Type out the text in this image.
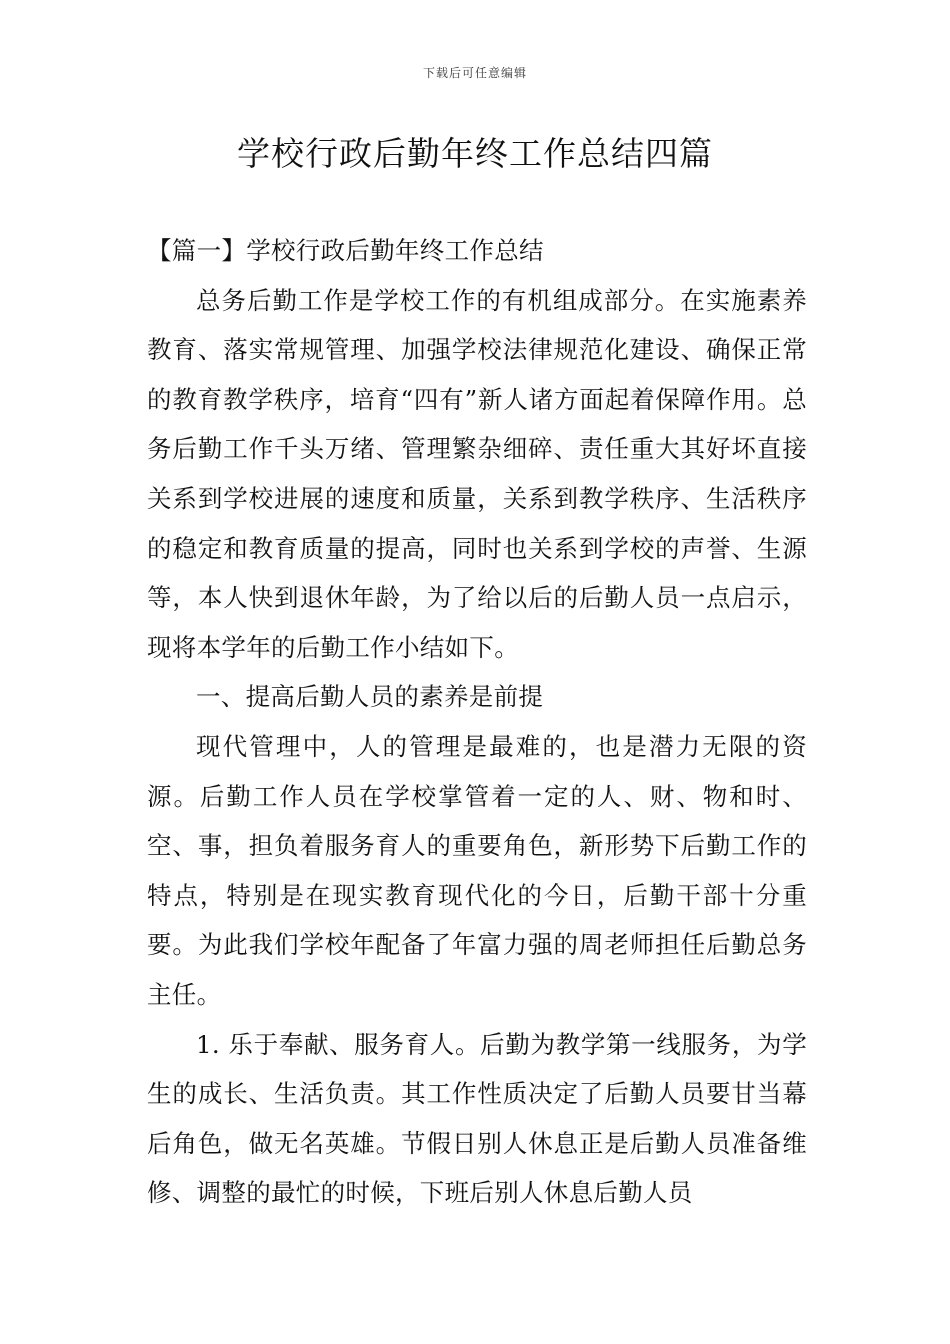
下载后可任意编辑
学校行政后勤年终工作总结四篇

【篇一】学校行政后勤年终工作总结

总务后勤工作是学校工作的有机组成部分。在实施素养教育、落实常规管理、加强学校法律规范化建设、确保正常的教育教学秩序，培育“四有”新人诸方面起着保障作用。总务后勤工作千头万绪、管理繁杂细碎、责任重大其好坏直接关系到学校进展的速度和质量，关系到教学秩序、生活秩序的稳定和教育质量的提高，同时也关系到学校的声誉、生源等，本人快到退休年龄，为了给以后的后勤人员一点启示，现将本学年的后勤工作小结如下。

一、提高后勤人员的素养是前提

现代管理中，人的管理是最难的，也是潜力无限的资源。后勤工作人员在学校掌管着一定的人、财、物和时、空、事，担负着服务育人的重要角色，新形势下后勤工作的特点，特别是在现实教育现代化的今日，后勤干部十分重要。为此我们学校年配备了年富力强的周老师担任后勤总务主任。

1. 乐于奉献、服务育人。后勤为教学第一线服务，为学生的成长、生活负责。其工作性质决定了后勤人员要甘当幕后角色，做无名英雄。节假日别人休息正是后勤人员准备维修、调整的最忙的时候，下班后别人休息后勤人员
